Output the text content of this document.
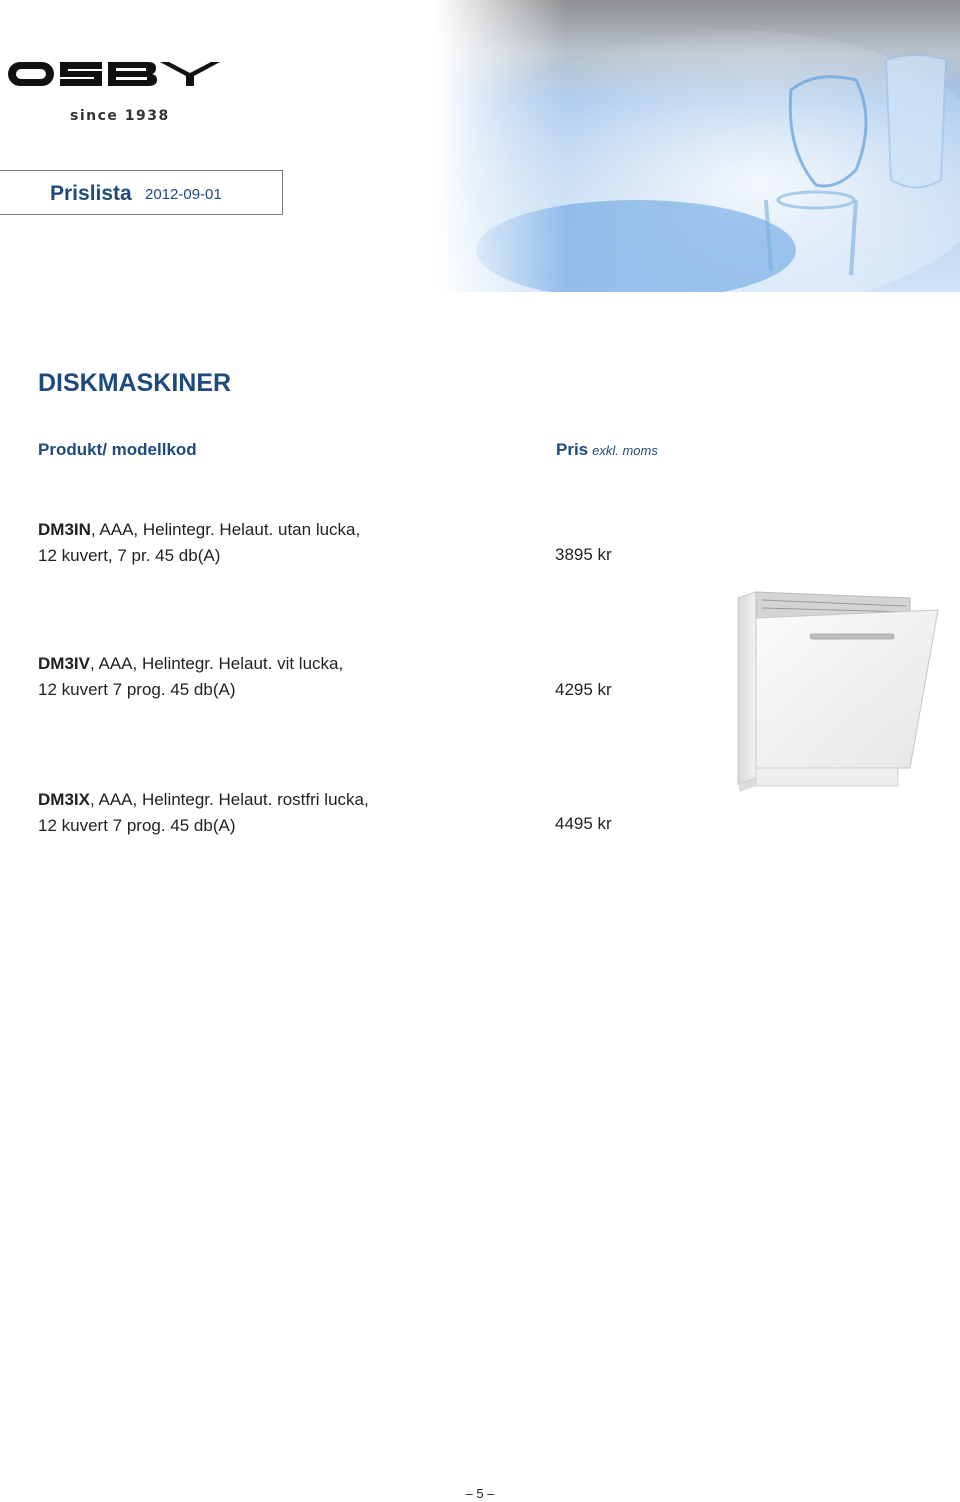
since 1938
Prislista 2012-09-01
DISKMASKINER
Produkt/ modellkod	Pris exkl. moms
DM3IN, AAA, Helintegr. Helaut. utan lucka,
12 kuvert, 7 pr. 45 db(A)	3895 kr
DM3IV, AAA, Helintegr. Helaut. vit lucka,
12 kuvert 7 prog. 45 db(A)	4295 kr
DM3IX, AAA, Helintegr. Helaut. rostfri lucka,
12 kuvert 7 prog. 45 db(A)	4495 kr
– 5 –
